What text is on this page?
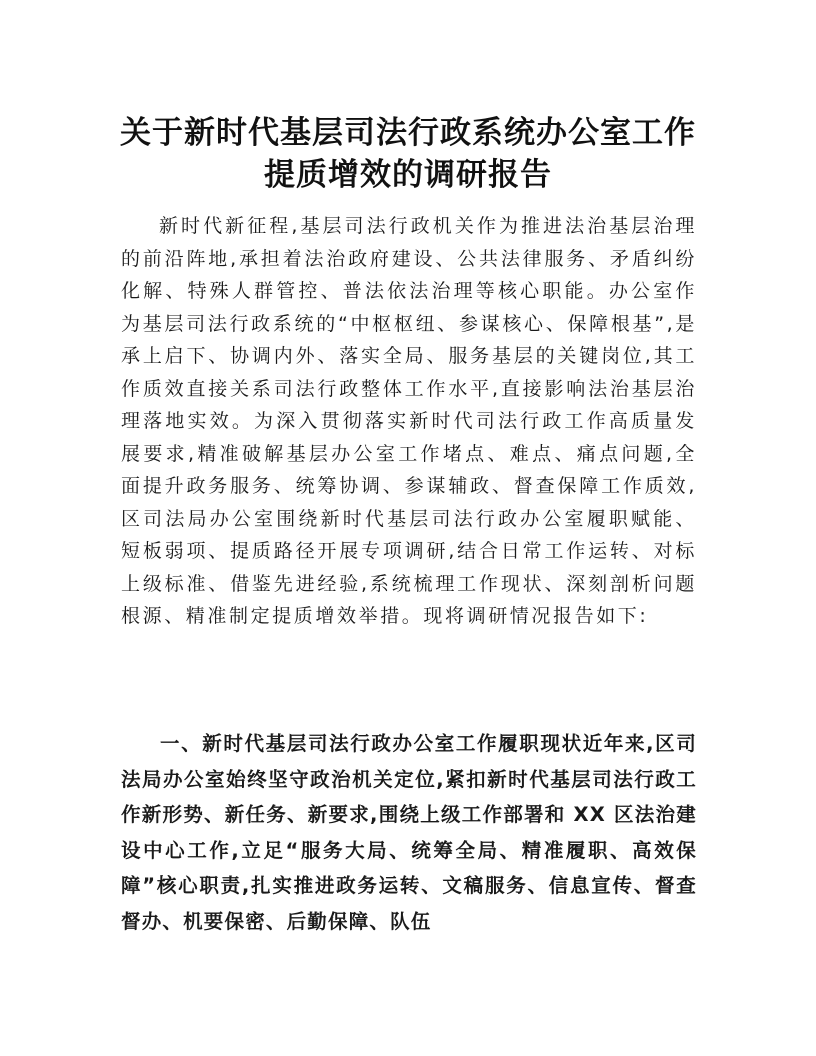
关于新时代基层司法行政系统办公室工作提质增效的调研报告

新时代新征程,基层司法行政机关作为推进法治基层治理的前沿阵地,承担着法治政府建设、公共法律服务、矛盾纠纷化解、特殊人群管控、普法依法治理等核心职能。办公室作为基层司法行政系统的“中枢枢纽、参谋核心、保障根基”,是承上启下、协调内外、落实全局、服务基层的关键岗位,其工作质效直接关系司法行政整体工作水平,直接影响法治基层治理落地实效。为深入贯彻落实新时代司法行政工作高质量发展要求,精准破解基层办公室工作堵点、难点、痛点问题,全面提升政务服务、统筹协调、参谋辅政、督查保障工作质效,区司法局办公室围绕新时代基层司法行政办公室履职赋能、短板弱项、提质路径开展专项调研,结合日常工作运转、对标上级标准、借鉴先进经验,系统梳理工作现状、深刻剖析问题根源、精准制定提质增效举措。现将调研情况报告如下:

一、新时代基层司法行政办公室工作履职现状近年来,区司法局办公室始终坚守政治机关定位,紧扣新时代基层司法行政工作新形势、新任务、新要求,围绕上级工作部署和 XX 区法治建设中心工作,立足“服务大局、统筹全局、精准履职、高效保障”核心职责,扎实推进政务运转、文稿服务、信息宣传、督查督办、机要保密、后勤保障、队伍
